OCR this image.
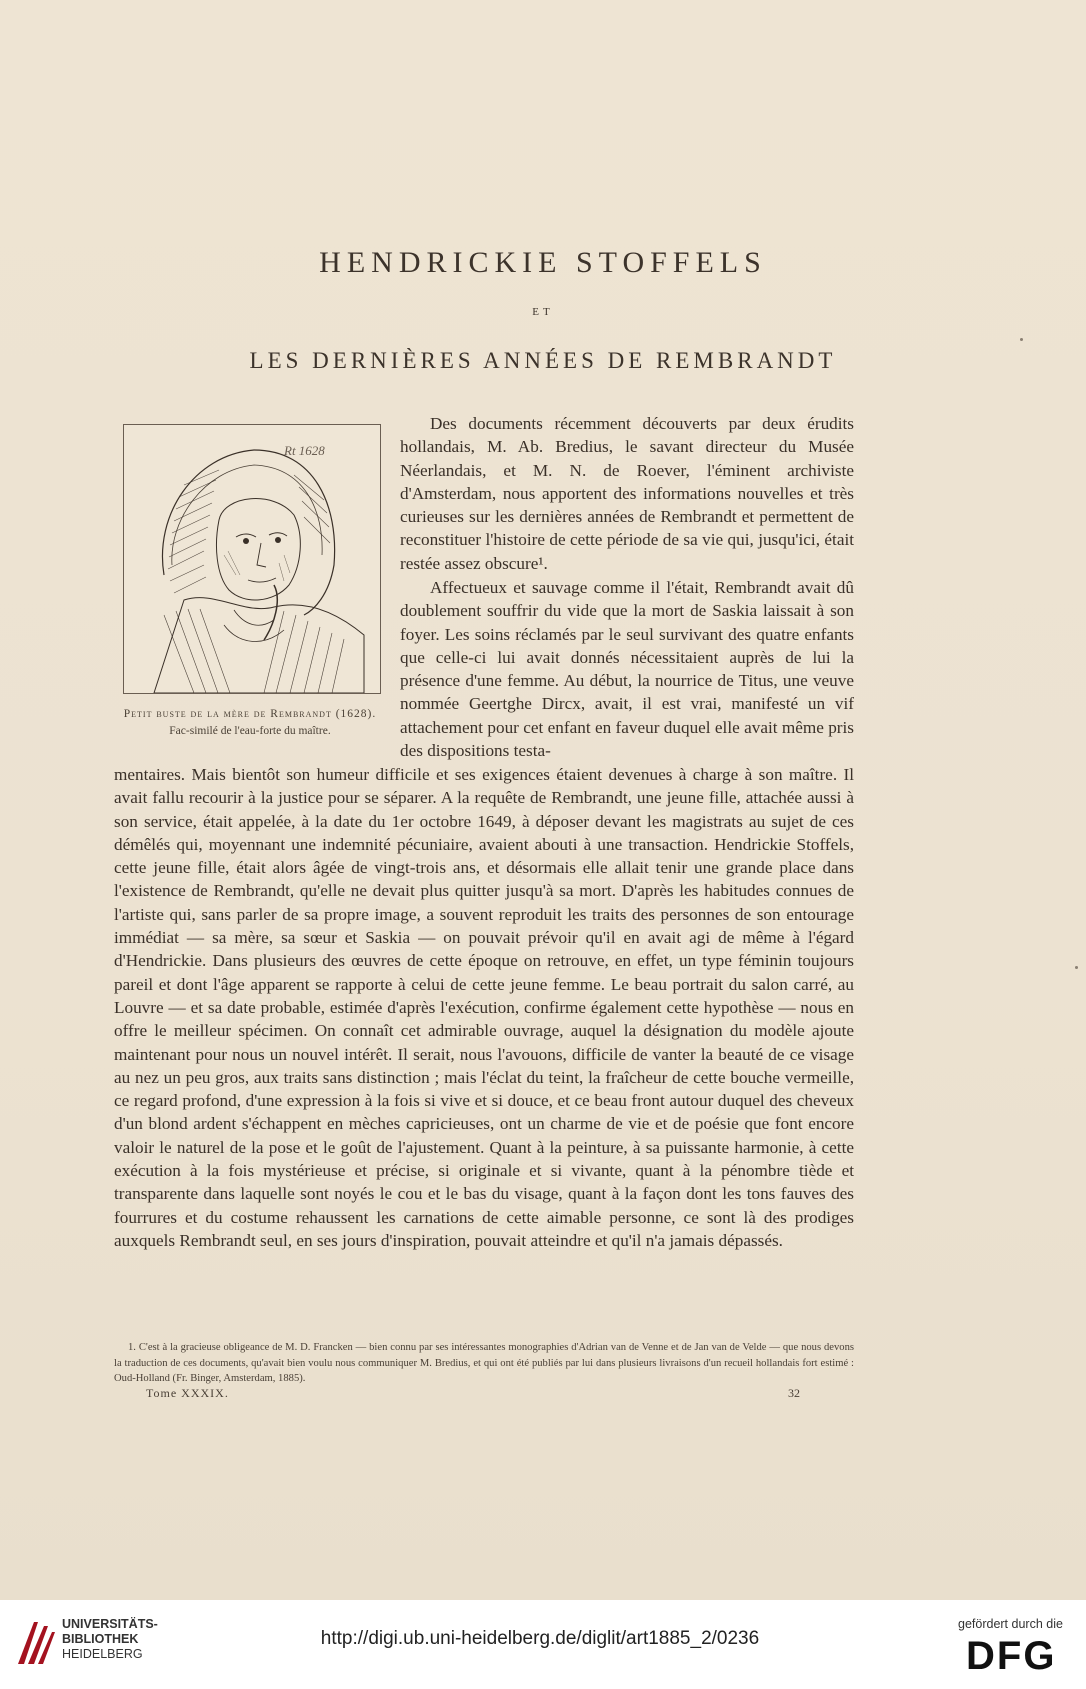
HENDRICKIE STOFFELS
ET
LES DERNIÈRES ANNÉES DE REMBRANDT
Rt 1628
Petit buste de la mère de Rembrandt (1628).
Fac-similé de l'eau-forte du maître.

Des documents récemment découverts par deux érudits hollandais, M. Ab. Bredius, le savant directeur du Musée Néerlandais, et M. N. de Roever, l'éminent archiviste d'Amsterdam, nous apportent des informations nouvelles et très curieuses sur les dernières années de Rembrandt et permettent de reconstituer l'histoire de cette période de sa vie qui, jusqu'ici, était restée assez obscure¹.

Affectueux et sauvage comme il l'était, Rembrandt avait dû doublement souffrir du vide que la mort de Saskia laissait à son foyer. Les soins réclamés par le seul survivant des quatre enfants que celle-ci lui avait donnés nécessitaient auprès de lui la présence d'une femme. Au début, la nourrice de Titus, une veuve nommée Geertghe Dircx, avait, il est vrai, manifesté un vif attachement pour cet enfant en faveur duquel elle avait même pris des dispositions testa-

mentaires. Mais bientôt son humeur difficile et ses exigences étaient devenues à charge à son maître. Il avait fallu recourir à la justice pour se séparer. A la requête de Rembrandt, une jeune fille, attachée aussi à son service, était appelée, à la date du 1er octobre 1649, à déposer devant les magistrats au sujet de ces démêlés qui, moyennant une indemnité pécuniaire, avaient abouti à une transaction. Hendrickie Stoffels, cette jeune fille, était alors âgée de vingt-trois ans, et désormais elle allait tenir une grande place dans l'existence de Rembrandt, qu'elle ne devait plus quitter jusqu'à sa mort. D'après les habitudes connues de l'artiste qui, sans parler de sa propre image, a souvent reproduit les traits des personnes de son entourage immédiat — sa mère, sa sœur et Saskia — on pouvait prévoir qu'il en avait agi de même à l'égard d'Hendrickie. Dans plusieurs des œuvres de cette époque on retrouve, en effet, un type féminin toujours pareil et dont l'âge apparent se rapporte à celui de cette jeune femme. Le beau portrait du salon carré, au Louvre — et sa date probable, estimée d'après l'exécution, confirme également cette hypothèse — nous en offre le meilleur spécimen. On connaît cet admirable ouvrage, auquel la désignation du modèle ajoute maintenant pour nous un nouvel intérêt. Il serait, nous l'avouons, difficile de vanter la beauté de ce visage au nez un peu gros, aux traits sans distinction ; mais l'éclat du teint, la fraîcheur de cette bouche vermeille, ce regard profond, d'une expression à la fois si vive et si douce, et ce beau front autour duquel des cheveux d'un blond ardent s'échappent en mèches capricieuses, ont un charme de vie et de poésie que font encore valoir le naturel de la pose et le goût de l'ajustement. Quant à la peinture, à sa puissante harmonie, à cette exécution à la fois mystérieuse et précise, si originale et si vivante, quant à la pénombre tiède et transparente dans laquelle sont noyés le cou et le bas du visage, quant à la façon dont les tons fauves des fourrures et du costume rehaussent les carnations de cette aimable personne, ce sont là des prodiges auxquels Rembrandt seul, en ses jours d'inspiration, pouvait atteindre et qu'il n'a jamais dépassés.

1. C'est à la gracieuse obligeance de M. D. Francken — bien connu par ses intéressantes monographies d'Adrian van de Venne et de Jan van de Velde — que nous devons la traduction de ces documents, qu'avait bien voulu nous communiquer M. Bredius, et qui ont été publiés par lui dans plusieurs livraisons d'un recueil hollandais fort estimé : Oud-Holland (Fr. Binger, Amsterdam, 1885).

Tome XXXIX.	32
UNIVERSITÄTS-
BIBLIOTHEK
HEIDELBERG
http://digi.ub.uni-heidelberg.de/diglit/art1885_2/0236
gefördert durch die
DFG
